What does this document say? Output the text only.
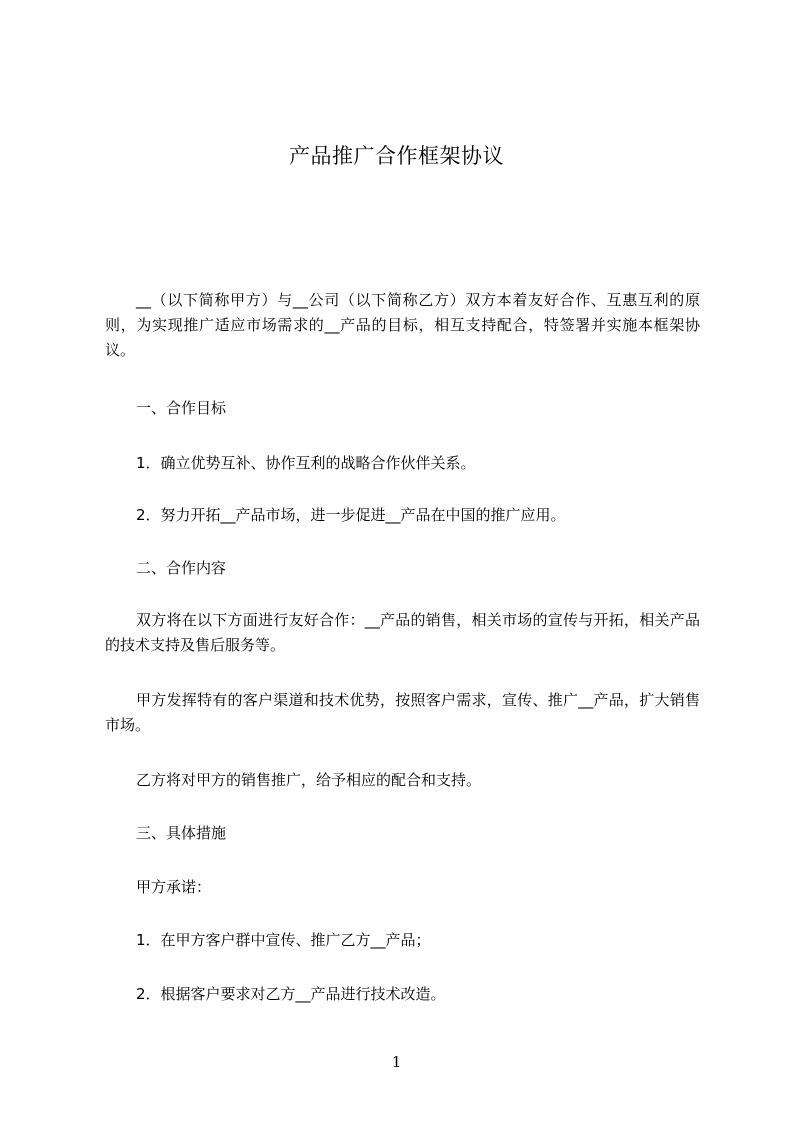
产品推广合作框架协议

__（以下简称甲方）与__公司（以下简称乙方）双方本着友好合作、互惠互利的原则，为实现推广适应市场需求的__产品的目标，相互支持配合，特签署并实施本框架协议。

一、合作目标

1．确立优势互补、协作互利的战略合作伙伴关系。

2．努力开拓__产品市场，进一步促进__产品在中国的推广应用。

二、合作内容

双方将在以下方面进行友好合作：__产品的销售，相关市场的宣传与开拓，相关产品的技术支持及售后服务等。

甲方发挥特有的客户渠道和技术优势，按照客户需求，宣传、推广__产品，扩大销售市场。

乙方将对甲方的销售推广，给予相应的配合和支持。

三、具体措施

甲方承诺：

1．在甲方客户群中宣传、推广乙方__产品；

2．根据客户要求对乙方__产品进行技术改造。

1
